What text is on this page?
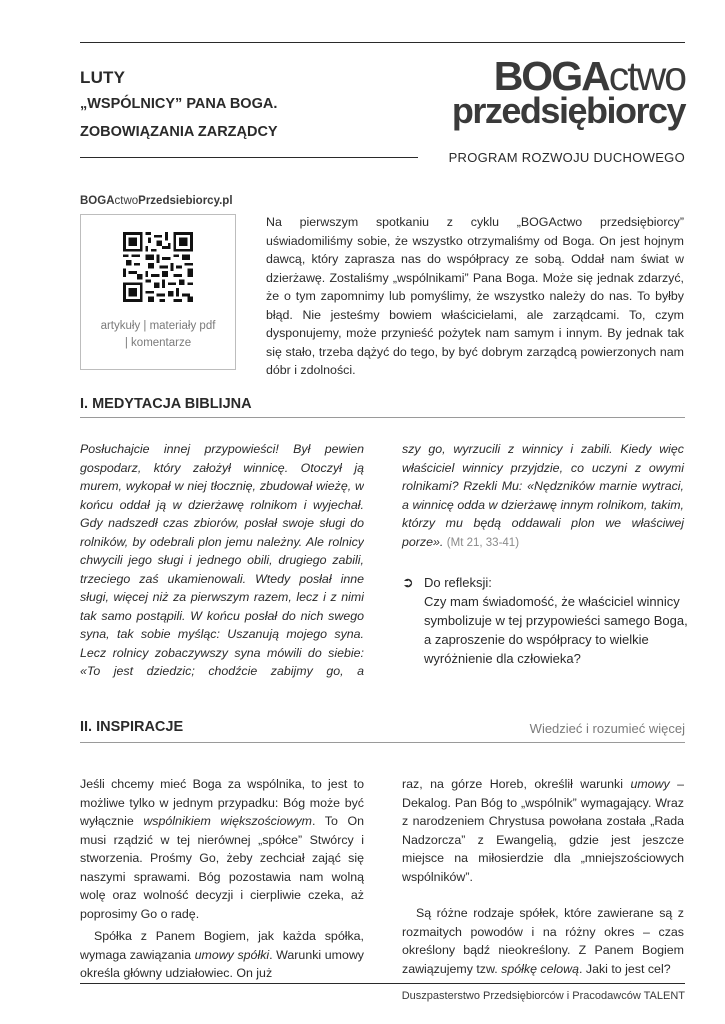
LUTY
„WSPÓLNICY” PANA BOGA.
ZOBOWIĄZANIA ZARZĄDCY
BOGActwo
przedsiębiorcy
PROGRAM ROZWOJU DUCHOWEGO
BOGActwoPrzedsiebiorcy.pl
artykuły | materiały pdf
| komentarze

Na pierwszym spotkaniu z cyklu „BOGActwo przedsiębiorcy” uświadomiliśmy sobie, że wszystko otrzymaliśmy od Boga. On jest hojnym dawcą, który zaprasza nas do współpracy ze sobą. Oddał nam świat w dzierżawę. Zostaliśmy „wspólnikami” Pana Boga. Może się jednak zdarzyć, że o tym zapomnimy lub pomyślimy, że wszystko należy do nas. To byłby błąd. Nie jesteśmy bowiem właścicielami, ale zarządcami. To, czym dysponujemy, może przynieść pożytek nam samym i innym. By jednak tak się stało, trzeba dążyć do tego, by być dobrym zarządcą powierzonych nam dóbr i zdolności.

I. MEDYTACJA BIBLIJNA
Posłuchajcie innej przypowieści! Był pewien gospodarz, który założył winnicę. Otoczył ją murem, wykopał w niej tłocznię, zbudował wieżę, w końcu oddał ją w dzierżawę rolnikom i wyjechał. Gdy nadszedł czas zbiorów, posłał swoje sługi do rolników, by odebrali plon jemu należny. Ale rolnicy chwycili jego sługi i jednego obili, drugiego zabili, trzeciego zaś ukamienowali. Wtedy posłał inne sługi, więcej niż za pierwszym razem, lecz i z nimi tak samo postąpili. W końcu posłał do nich swego syna, tak sobie myśląc: Uszanują mojego syna. Lecz rolnicy zobaczywszy syna mówili do siebie: «To jest dziedzic; chodźcie zabijmy go, a
szy go, wyrzucili z winnicy i zabili. Kiedy więc właściciel winnicy przyjdzie, co uczyni z owymi rolnikami? Rzekli Mu: «Nędzników marnie wytraci, a winnicę odda w dzierżawę innym rolnikom, takim, którzy mu będą oddawali plon we właściwej porze». (Mt 21, 33-41)
➲ Do refleksji:
Czy mam świadomość, że właściciel winnicy symbolizuje w tej przypowieści samego Boga, a zaproszenie do współpracy to wielkie wyróżnienie dla człowieka?
II. INSPIRACJE	Wiedzieć i rozumieć więcej

Jeśli chcemy mieć Boga za wspólnika, to jest to możliwe tylko w jednym przypadku: Bóg może być wyłącznie wspólnikiem większościowym. To On musi rządzić w tej nierównej „spółce” Stwórcy i stworzenia. Prośmy Go, żeby zechciał zająć się naszymi sprawami. Bóg pozostawia nam wolną wolę oraz wolność decyzji i cierpliwie czeka, aż poprosimy Go o radę.

Spółka z Panem Bogiem, jak każda spółka, wymaga zawiązania umowy spółki. Warunki umowy określa główny udziałowiec. On już

raz, na górze Horeb, określił warunki umowy – Dekalog. Pan Bóg to „wspólnik” wymagający. Wraz z narodzeniem Chrystusa powołana została „Rada Nadzorcza” z Ewangelią, gdzie jest jeszcze miejsce na miłosierdzie dla „mniejszościowych wspólników”.

Są różne rodzaje spółek, które zawierane są z rozmaitych powodów i na różny okres – czas określony bądź nieokreślony. Z Panem Bogiem zawiązujemy tzw. spółkę celową. Jaki to jest cel?

Duszpasterstwo Przedsiębiorców i Pracodawców TALENT
